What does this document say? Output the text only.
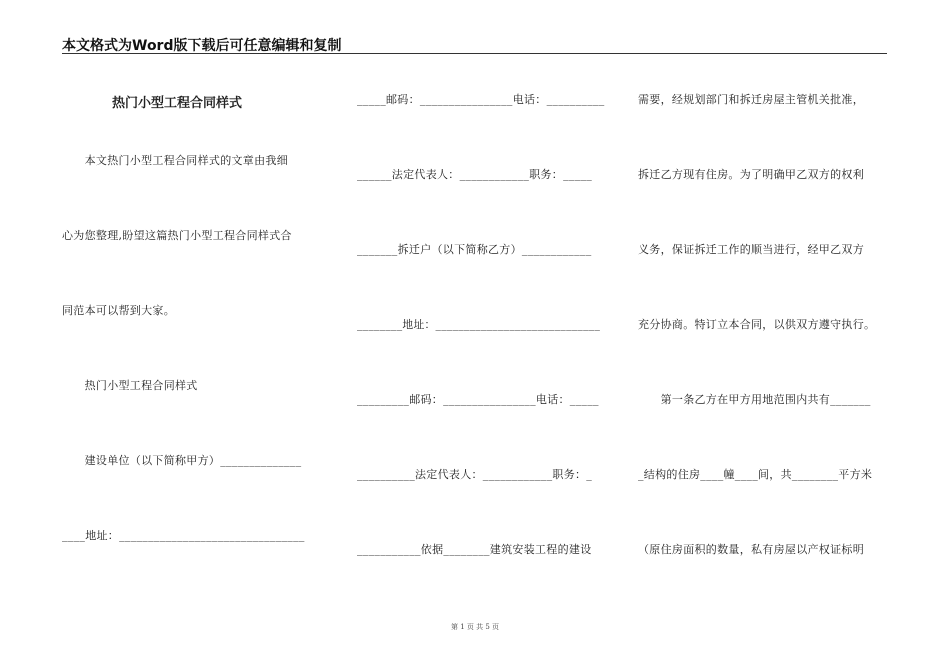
本文格式为Word版下载后可任意编辑和复制
热门小型工程合同样式
　　本文热门小型工程合同样式的文章由我细
心为您整理,盼望这篇热门小型工程合同样式合
同范本可以帮到大家。
　　热门小型工程合同样式
　　建设单位（以下简称甲方）______________
____地址：________________________________
_____邮码：________________电话：__________
______法定代表人：____________职务：_____
_______拆迁户（以下简称乙方）____________
________地址：_____________________________
_________邮码：________________电话：_____
__________法定代表人：____________职务：_
___________依据________建筑安装工程的建设
需要，经规划部门和拆迁房屋主管机关批准，
拆迁乙方现有住房。为了明确甲乙双方的权利
义务，保证拆迁工作的顺当进行，经甲乙双方
充分协商。特订立本合同，以供双方遵守执行。
　　第一条乙方在甲方用地范围内共有_______
_结构的住房____幢____间，共________平方米
（原住房面积的数量，私有房屋以产权证标明
第 1 页 共 5 页
